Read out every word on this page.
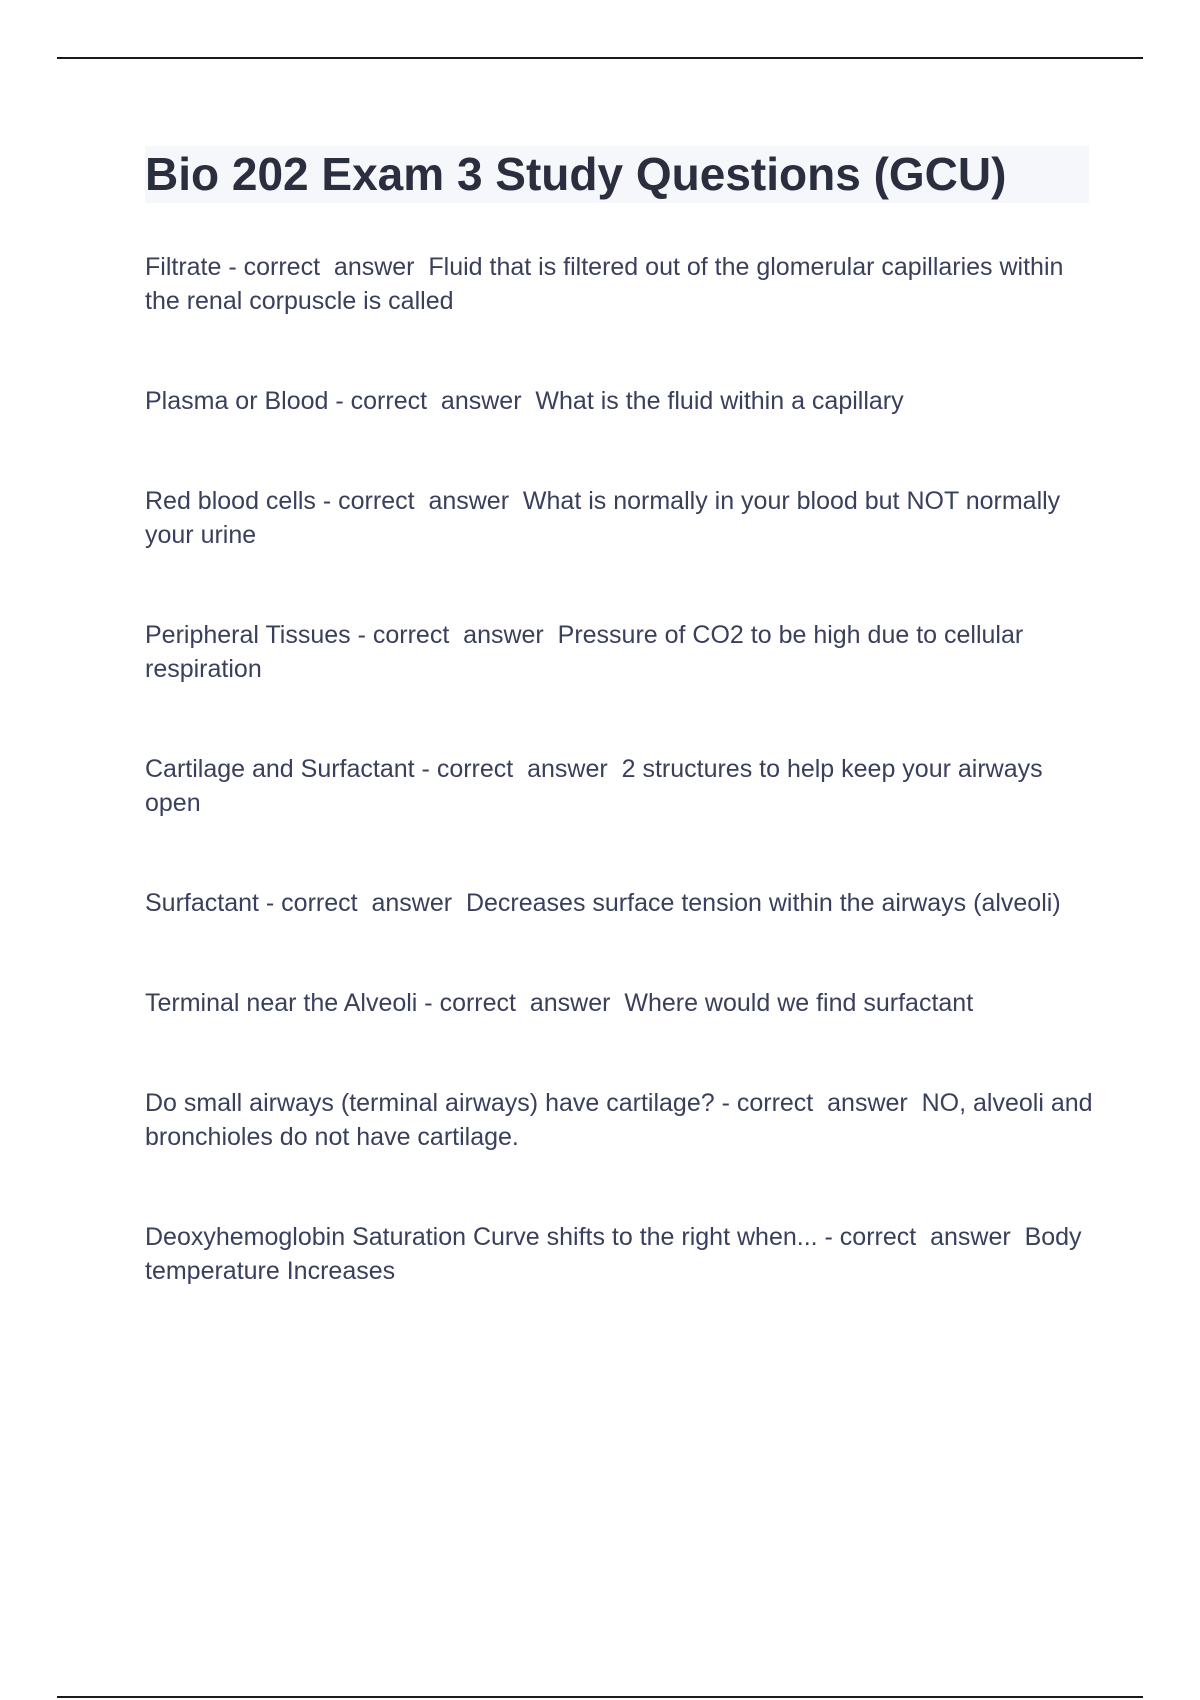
Bio 202 Exam 3 Study Questions (GCU)
Filtrate - correct  answer  Fluid that is filtered out of the glomerular capillaries within the renal corpuscle is called
Plasma or Blood - correct  answer  What is the fluid within a capillary
Red blood cells - correct  answer  What is normally in your blood but NOT normally your urine
Peripheral Tissues - correct  answer  Pressure of CO2 to be high due to cellular respiration
Cartilage and Surfactant - correct  answer  2 structures to help keep your airways open
Surfactant - correct  answer  Decreases surface tension within the airways (alveoli)
Terminal near the Alveoli - correct  answer  Where would we find surfactant
Do small airways (terminal airways) have cartilage? - correct  answer  NO, alveoli and bronchioles do not have cartilage.
Deoxyhemoglobin Saturation Curve shifts to the right when... - correct  answer  Body temperature Increases
